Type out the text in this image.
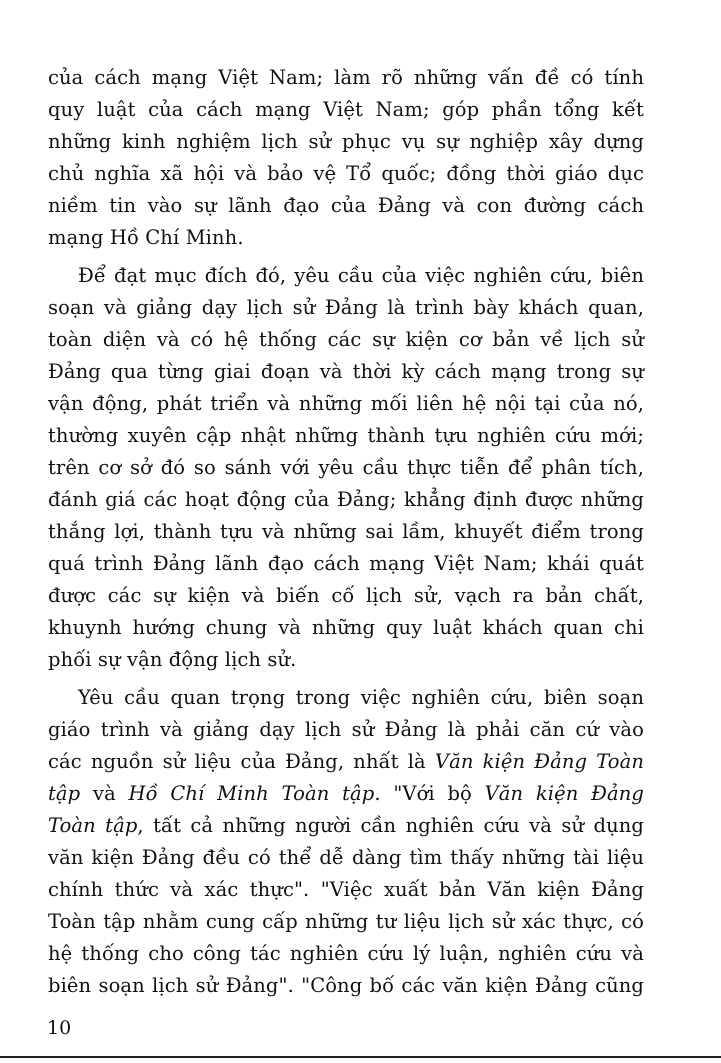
của cách mạng Việt Nam; làm rõ những vấn đề có tính
quy luật của cách mạng Việt Nam; góp phần tổng kết
những kinh nghiệm lịch sử phục vụ sự nghiệp xây dựng
chủ nghĩa xã hội và bảo vệ Tổ quốc; đồng thời giáo dục
niềm tin vào sự lãnh đạo của Đảng và con đường cách
mạng Hồ Chí Minh.
Để đạt mục đích đó, yêu cầu của việc nghiên cứu, biên
soạn và giảng dạy lịch sử Đảng là trình bày khách quan,
toàn diện và có hệ thống các sự kiện cơ bản về lịch sử
Đảng qua từng giai đoạn và thời kỳ cách mạng trong sự
vận động, phát triển và những mối liên hệ nội tại của nó,
thường xuyên cập nhật những thành tựu nghiên cứu mới;
trên cơ sở đó so sánh với yêu cầu thực tiễn để phân tích,
đánh giá các hoạt động của Đảng; khẳng định được những
thắng lợi, thành tựu và những sai lầm, khuyết điểm trong
quá trình Đảng lãnh đạo cách mạng Việt Nam; khái quát
được các sự kiện và biến cố lịch sử, vạch ra bản chất,
khuynh hướng chung và những quy luật khách quan chi
phối sự vận động lịch sử.
Yêu cầu quan trọng trong việc nghiên cứu, biên soạn
giáo trình và giảng dạy lịch sử Đảng là phải căn cứ vào
các nguồn sử liệu của Đảng, nhất là Văn kiện Đảng Toàn
tập và Hồ Chí Minh Toàn tập. "Với bộ Văn kiện Đảng
Toàn tập, tất cả những người cần nghiên cứu và sử dụng
văn kiện Đảng đều có thể dễ dàng tìm thấy những tài liệu
chính thức và xác thực". "Việc xuất bản Văn kiện Đảng
Toàn tập nhằm cung cấp những tư liệu lịch sử xác thực, có
hệ thống cho công tác nghiên cứu lý luận, nghiên cứu và
biên soạn lịch sử Đảng". "Công bố các văn kiện Đảng cũng
10
